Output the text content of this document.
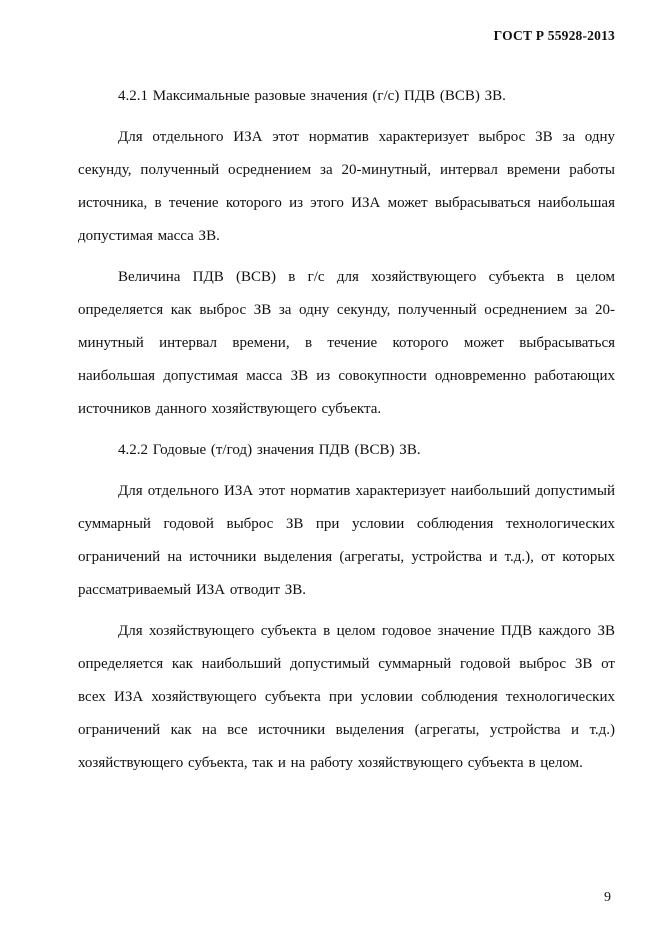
ГОСТ Р 55928-2013

4.2.1 Максимальные разовые значения (г/с) ПДВ (ВСВ) ЗВ.

Для отдельного ИЗА этот норматив характеризует выброс ЗВ за одну секунду, полученный осреднением за 20-минутный, интервал времени работы источника, в течение которого из этого ИЗА может выбрасываться наибольшая допустимая масса ЗВ.

Величина ПДВ (ВСВ) в г/с для хозяйствующего субъекта в целом определяется как выброс ЗВ за одну секунду, полученный осреднением за 20-минутный интервал времени, в течение которого может выбрасываться наибольшая допустимая масса ЗВ из совокупности одновременно работающих источников данного хозяйствующего субъекта.

4.2.2 Годовые (т/год) значения ПДВ (ВСВ) ЗВ.

Для отдельного ИЗА этот норматив характеризует наибольший допустимый суммарный годовой выброс ЗВ при условии соблюдения технологических ограничений на источники выделения (агрегаты, устройства и т.д.), от которых рассматриваемый ИЗА отводит ЗВ.

Для хозяйствующего субъекта в целом годовое значение ПДВ каждого ЗВ определяется как наибольший допустимый суммарный годовой выброс ЗВ от всех ИЗА хозяйствующего субъекта при условии соблюдения технологических ограничений как на все источники выделения (агрегаты, устройства и т.д.) хозяйствующего субъекта, так и на работу хозяйствующего субъекта в целом.

9
